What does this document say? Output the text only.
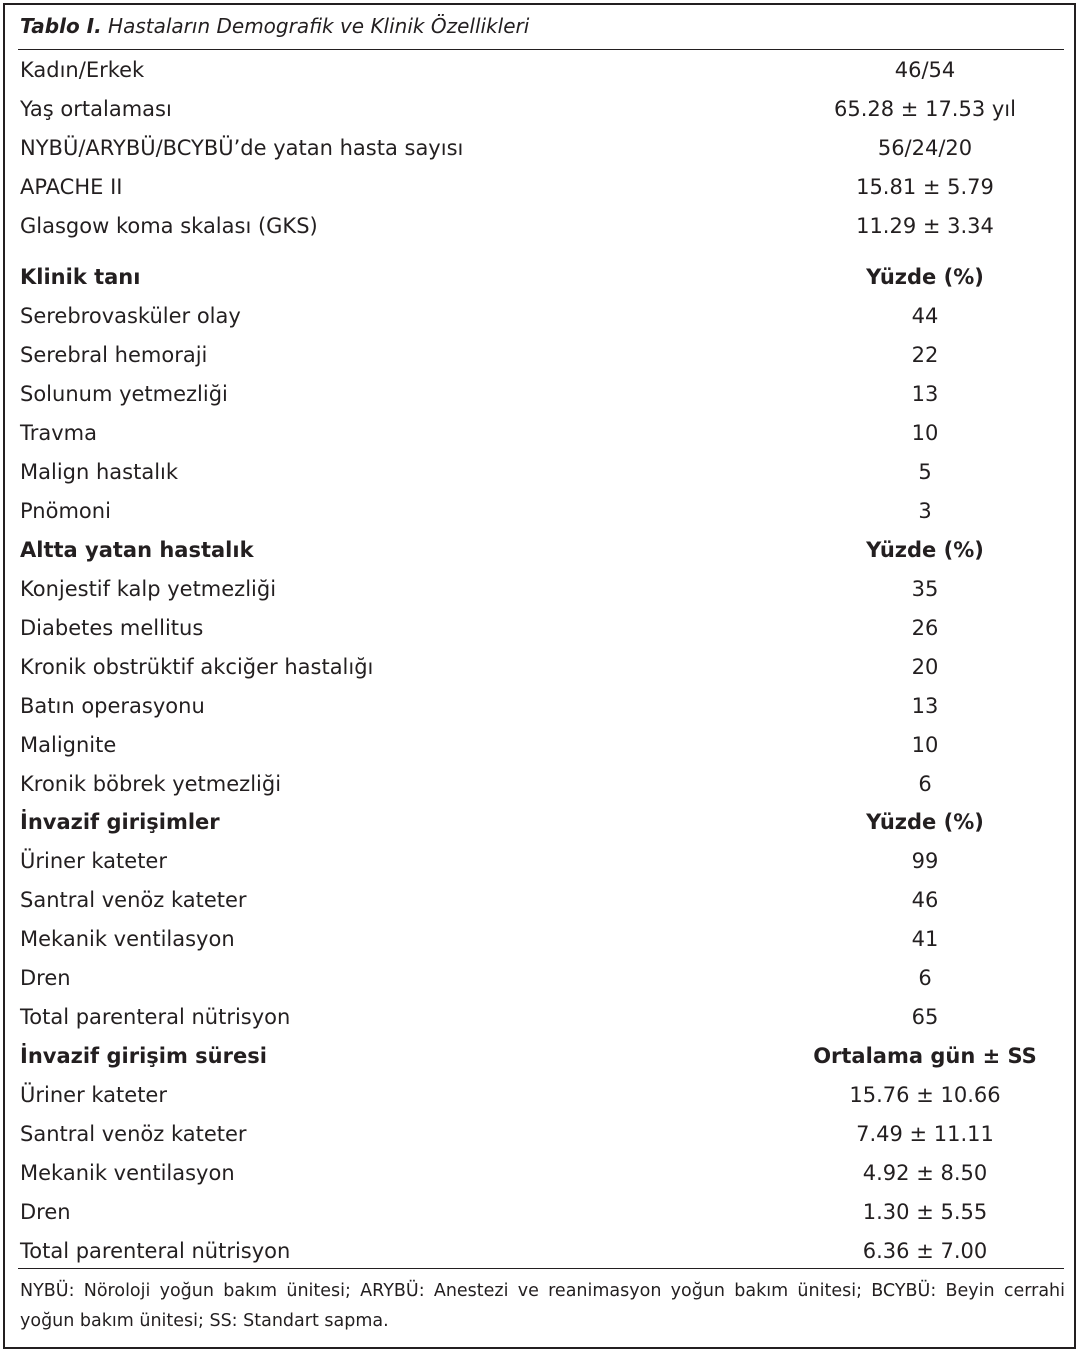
Tablo I. Hastaların Demografik ve Klinik Özellikleri
Kadın/Erkek	46/54
Yaş ortalaması	65.28 ± 17.53 yıl
NYBÜ/ARYBÜ/BCYBÜ’de yatan hasta sayısı	56/24/20
APACHE II	15.81 ± 5.79
Glasgow koma skalası (GKS)	11.29 ± 3.34
Klinik tanı	Yüzde (%)
Serebrovasküler olay	44
Serebral hemoraji	22
Solunum yetmezliği	13
Travma	10
Malign hastalık	5
Pnömoni	3
Altta yatan hastalık	Yüzde (%)
Konjestif kalp yetmezliği	35
Diabetes mellitus	26
Kronik obstrüktif akciğer hastalığı	20
Batın operasyonu	13
Malignite	10
Kronik böbrek yetmezliği	6
İnvazif girişimler	Yüzde (%)
Üriner kateter	99
Santral venöz kateter	46
Mekanik ventilasyon	41
Dren	6
Total parenteral nütrisyon	65
İnvazif girişim süresi	Ortalama gün ± SS
Üriner kateter	15.76 ± 10.66
Santral venöz kateter	7.49 ± 11.11
Mekanik ventilasyon	4.92 ± 8.50
Dren	1.30 ± 5.55
Total parenteral nütrisyon	6.36 ± 7.00
NYBÜ: Nöroloji yoğun bakım ünitesi; ARYBÜ: Anestezi ve reanimasyon yoğun bakım ünitesi; BCYBÜ: Beyin cerrahi yoğun bakım ünitesi; SS: Standart sapma.
